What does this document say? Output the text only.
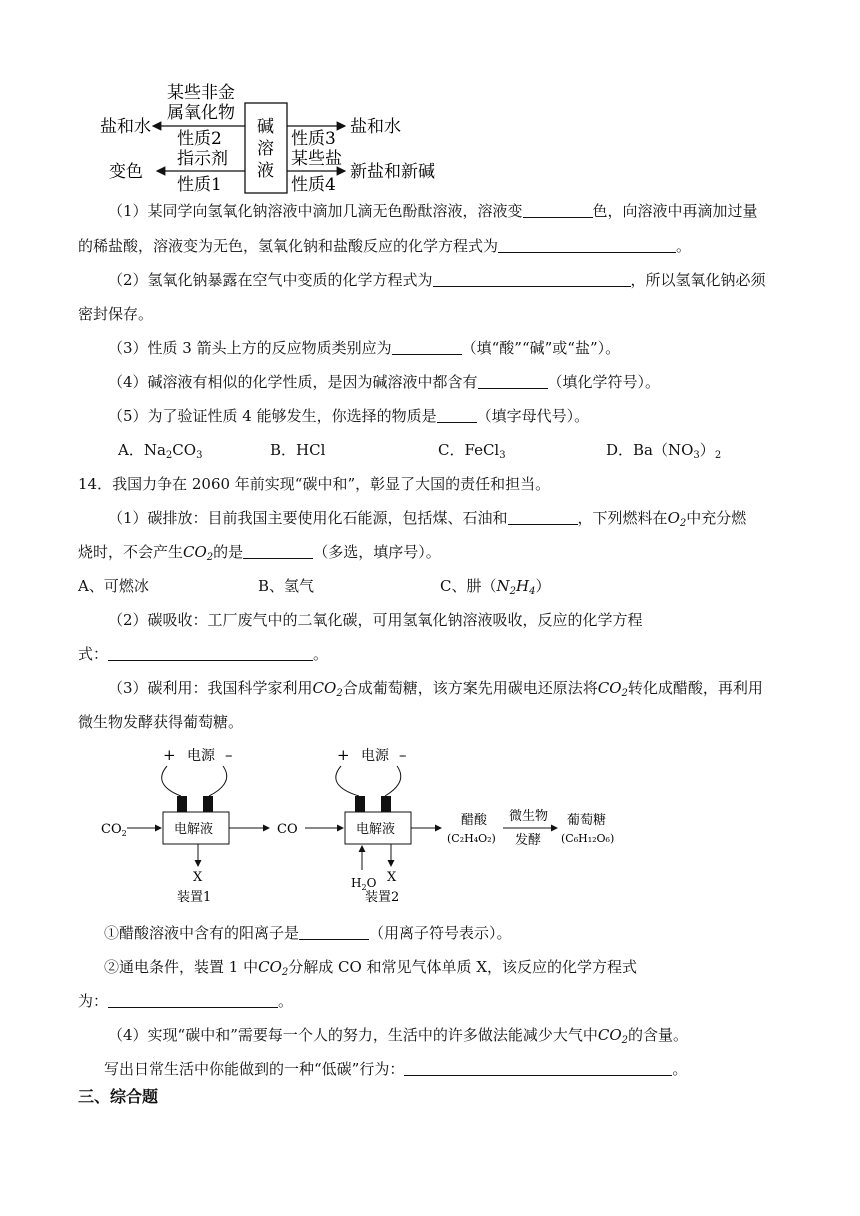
某些非金
属氧化物
碱
溶
液
盐和水
性质2
指示剂
变色
性质1
性质3
盐和水
某些盐
新盐和新碱
性质4
（1）某同学向氢氧化钠溶液中滴加几滴无色酚酞溶液，溶液变	色，向溶液中再滴加过量
的稀盐酸，溶液变为无色，氢氧化钠和盐酸反应的化学方程式为	。
（2）氢氧化钠暴露在空气中变质的化学方程式为	，所以氢氧化钠必须
密封保存。
（3）性质 3 箭头上方的反应物质类别应为	（填“酸”“碱”或“盐”）。
（4）碱溶液有相似的化学性质，是因为碱溶液中都含有	（填化学符号）。
（5）为了验证性质 4 能够发生，你选择的物质是	（填字母代号）。
A．$Na_2CO_3$	B．HCl	C．FeCl$_3$	D．$Ba(NO_3)_2$
14．我国力争在 2060 年前实现“碳中和”，彰显了大国的责任和担当。
（1）碳排放：目前我国主要使用化石能源，包括煤、石油和	，下列燃料在$O_2$中充分燃
烧时，不会产生$CO_2$的是	（多选，填序号）。
A、可燃冰	B、氢气	C、肼$(N_2H_4)$
（2）碳吸收：工厂废气中的二氧化碳，可用氢氧化钠溶液吸收，反应的化学方程
式：	。
（3）碳利用：我国科学家利用$CO_2$合成葡萄糖，该方案先用碳电还原法将$CO_2$转化成醋酸，再利用
微生物发酵获得葡萄糖。
+ 电源 –
电解液
$CO_2$	CO
X
装置1
+ 电源 –
电解液
$H_2O$ X
装置2
醋酸
(C₂H₄O₂)
微生物
发酵
葡萄糖
(C₆H₁₂O₆)
①醋酸溶液中含有的阳离子是	（用离子符号表示）。
②通电条件，装置 1 中$CO_2$分解成 CO 和常见气体单质 X，该反应的化学方程式
为：	。
（4）实现“碳中和”需要每一个人的努力，生活中的许多做法能减少大气中$CO_2$的含量。
写出日常生活中你能做到的一种“低碳”行为：	。
三、综合题
